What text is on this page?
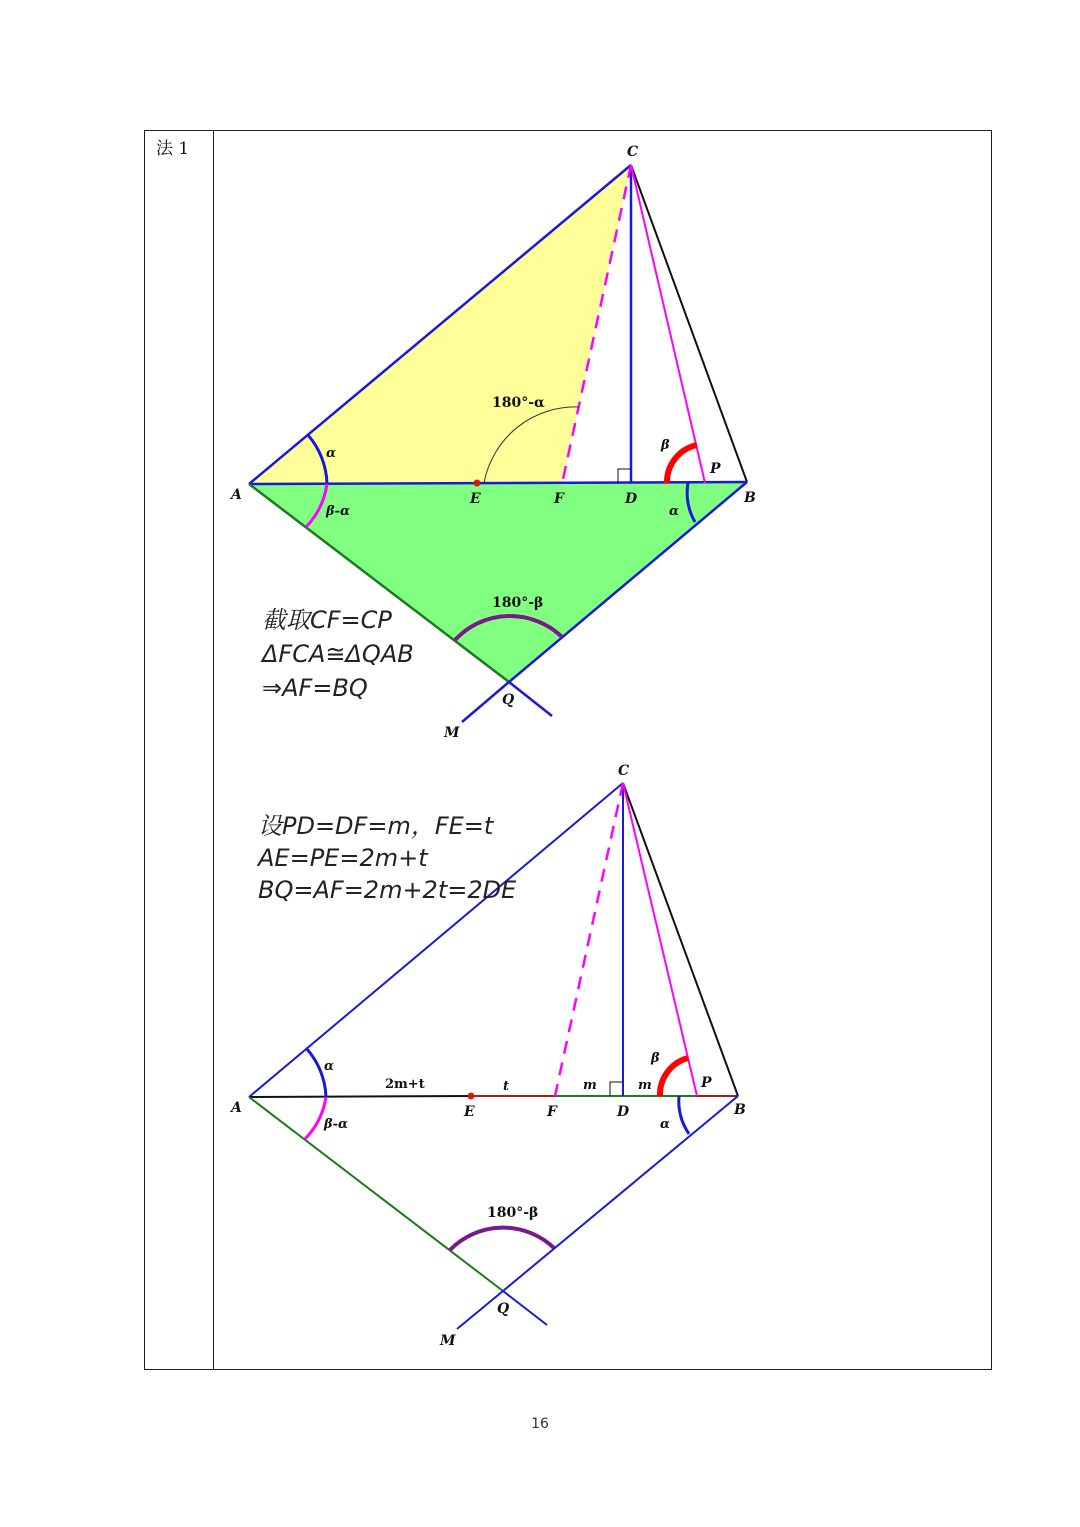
法 1	C
A	E	F	D
P
B
Q
M
α
β-α	α
β
180°-α
180°-β
截取CF=CP
ΔFCA≅ΔQAB
⇒AF=BQ
C
A	E	F	D
P
B
Q
M
α
β-α	α
β
180°-β
2m+t	t	m	m
设PD=DF=m，FE=t
AE=PE=2m+t
BQ=AF=2m+2t=2DE
16
